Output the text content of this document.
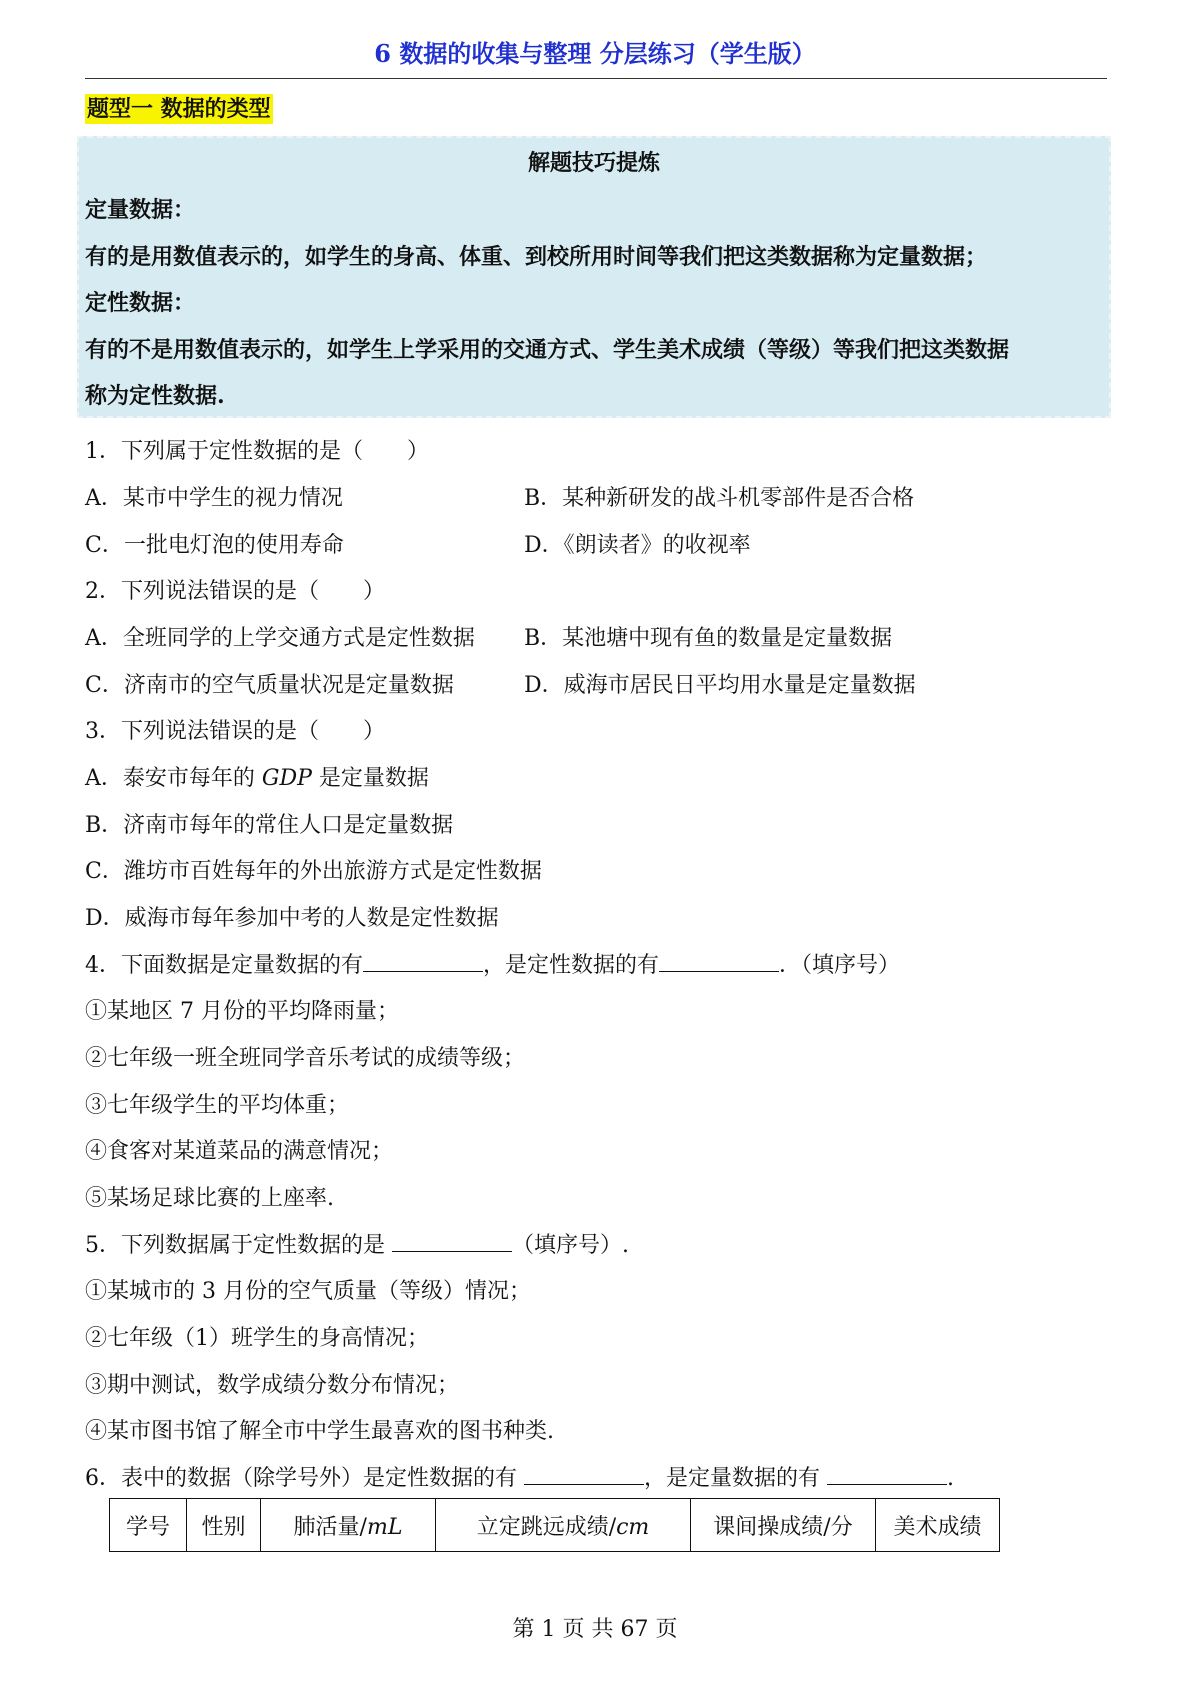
6 数据的收集与整理 分层练习（学生版）
题型一 数据的类型
解题技巧提炼
定量数据：
有的是用数值表示的，如学生的身高、体重、到校所用时间等我们把这类数据称为定量数据；
定性数据：
有的不是用数值表示的，如学生上学采用的交通方式、学生美术成绩（等级）等我们把这类数据
称为定性数据.
1．下列属于定性数据的是（　　）
A．某市中学生的视力情况	B．某种新研发的战斗机零部件是否合格
C．一批电灯泡的使用寿命	D．《朗读者》的收视率
2．下列说法错误的是（　　）
A．全班同学的上学交通方式是定性数据 B．某池塘中现有鱼的数量是定量数据
C．济南市的空气质量状况是定量数据	D．威海市居民日平均用水量是定量数据
3．下列说法错误的是（　　）
A．泰安市每年的 GDP 是定量数据
B．济南市每年的常住人口是定量数据
C．潍坊市百姓每年的外出旅游方式是定性数据
D．威海市每年参加中考的人数是定性数据
4．下面数据是定量数据的有	，是定性数据的有	．（填序号）
①某地区 7 月份的平均降雨量；
②七年级一班全班同学音乐考试的成绩等级；
③七年级学生的平均体重；
④食客对某道菜品的满意情况；
⑤某场足球比赛的上座率.
5．下列数据属于定性数据的是	（填序号）.
①某城市的 3 月份的空气质量（等级）情况；
②七年级（1）班学生的身高情况；
③期中测试，数学成绩分数分布情况；
④某市图书馆了解全市中学生最喜欢的图书种类.
6．表中的数据（除学号外）是定性数据的有	，是定量数据的有	.
学号	性别	肺活量/mL	立定跳远成绩/cm	课间操成绩/分	美术成绩
第 1 页 共 67 页
